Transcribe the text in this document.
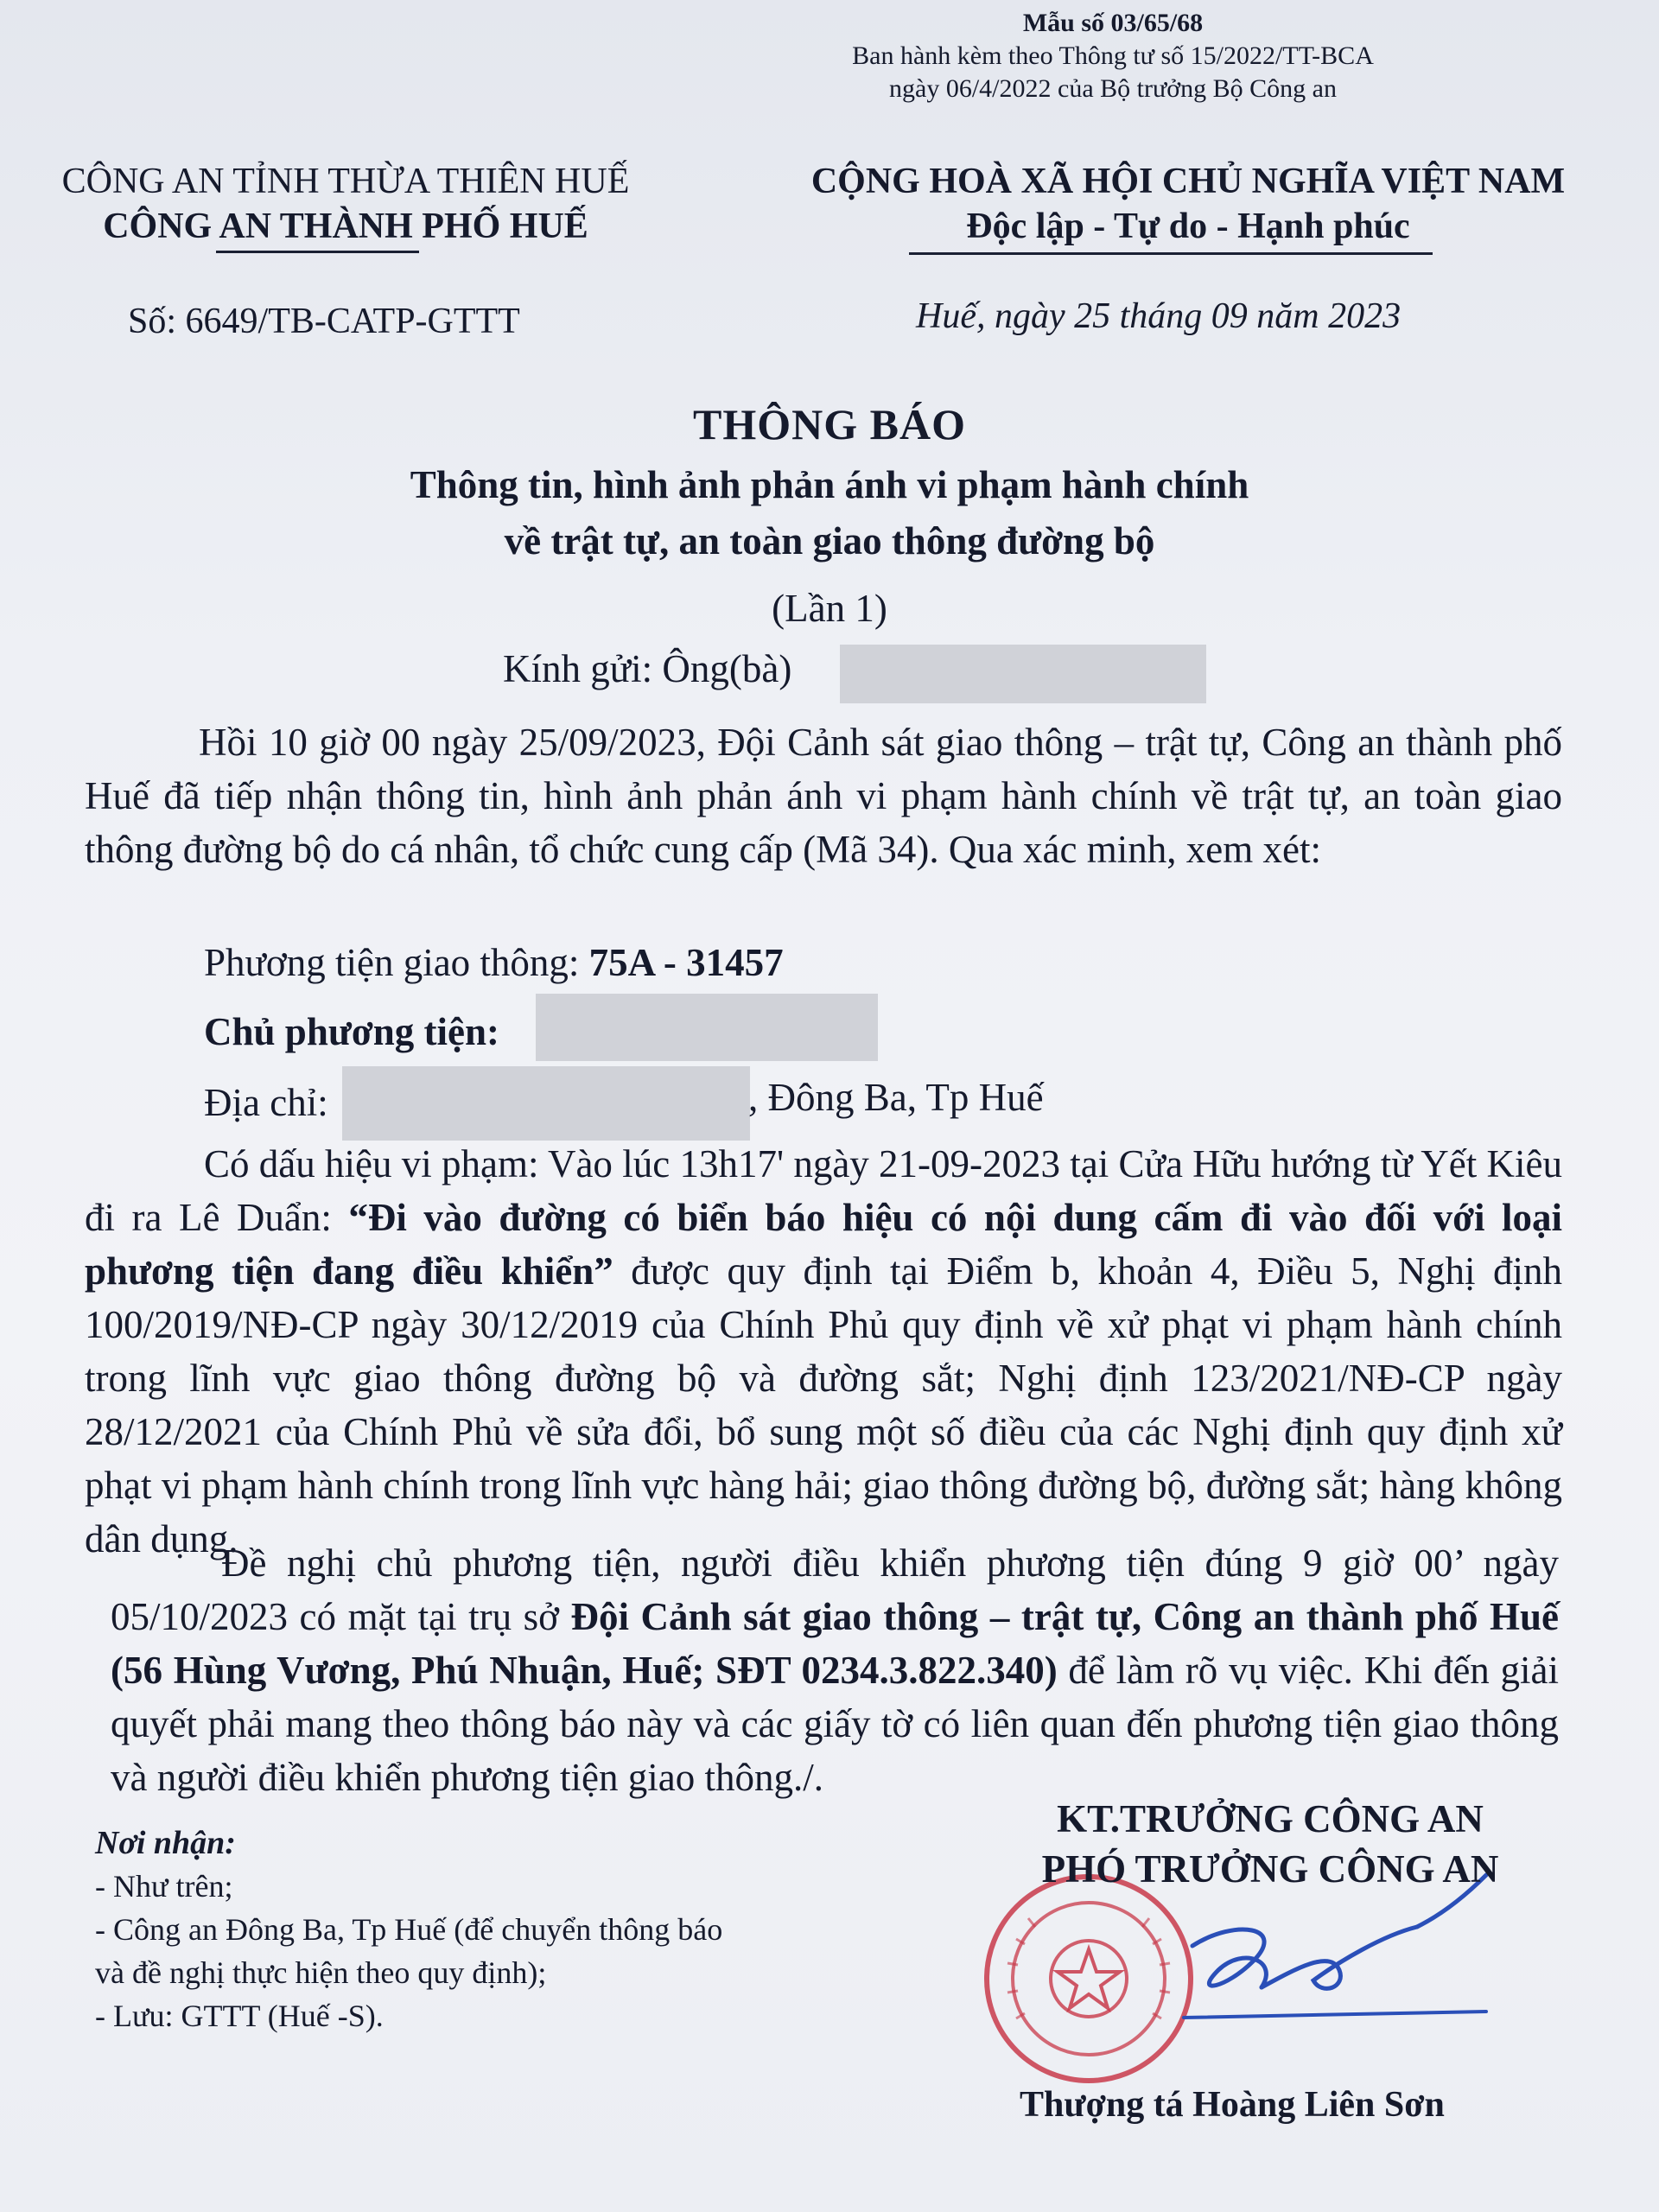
Mẫu số 03/65/68
Ban hành kèm theo Thông tư số 15/2022/TT-BCA
ngày 06/4/2022 của Bộ trưởng Bộ Công an
CÔNG AN TỈNH THỪA THIÊN HUẾ
CÔNG AN THÀNH PHỐ HUẾ
CỘNG HOÀ XÃ HỘI CHỦ NGHĨA VIỆT NAM
Độc lập - Tự do - Hạnh phúc
Số: 6649/TB-CATP-GTTT	Huế, ngày 25 tháng 09 năm 2023
THÔNG BÁO
Thông tin, hình ảnh phản ánh vi phạm hành chính
về trật tự, an toàn giao thông đường bộ
(Lần 1)
Kính gửi: Ông(bà)
Hồi 10 giờ 00 ngày 25/09/2023, Đội Cảnh sát giao thông – trật tự, Công an thành phố Huế đã tiếp nhận thông tin, hình ảnh phản ánh vi phạm hành chính về trật tự, an toàn giao thông đường bộ do cá nhân, tổ chức cung cấp (Mã 34). Qua xác minh, xem xét:
Phương tiện giao thông: 75A - 31457
Chủ phương tiện:
Địa chỉ:	, Đông Ba, Tp Huế
Có dấu hiệu vi phạm: Vào lúc 13h17' ngày 21-09-2023 tại Cửa Hữu hướng từ Yết Kiêu đi ra Lê Duẩn: “Đi vào đường có biển báo hiệu có nội dung cấm đi vào đối với loại phương tiện đang điều khiển” được quy định tại Điểm b, khoản 4, Điều 5, Nghị định 100/2019/NĐ-CP ngày 30/12/2019 của Chính Phủ quy định về xử phạt vi phạm hành chính trong lĩnh vực giao thông đường bộ và đường sắt; Nghị định 123/2021/NĐ-CP ngày 28/12/2021 của Chính Phủ về sửa đổi, bổ sung một số điều của các Nghị định quy định xử phạt vi phạm hành chính trong lĩnh vực hàng hải; giao thông đường bộ, đường sắt; hàng không dân dụng.
Đề nghị chủ phương tiện, người điều khiển phương tiện đúng 9 giờ 00’ ngày 05/10/2023 có mặt tại trụ sở Đội Cảnh sát giao thông – trật tự, Công an thành phố Huế (56 Hùng Vương, Phú Nhuận, Huế; SĐT 0234.3.822.340) để làm rõ vụ việc. Khi đến giải quyết phải mang theo thông báo này và các giấy tờ có liên quan đến phương tiện giao thông và người điều khiển phương tiện giao thông./.
Nơi nhận:
- Như trên;
- Công an Đông Ba, Tp Huế (để chuyển thông báo
và đề nghị thực hiện theo quy định);
- Lưu: GTTT (Huế -S).
KT.TRƯỞNG CÔNG AN
PHÓ TRƯỞNG CÔNG AN
Thượng tá Hoàng Liên Sơn
